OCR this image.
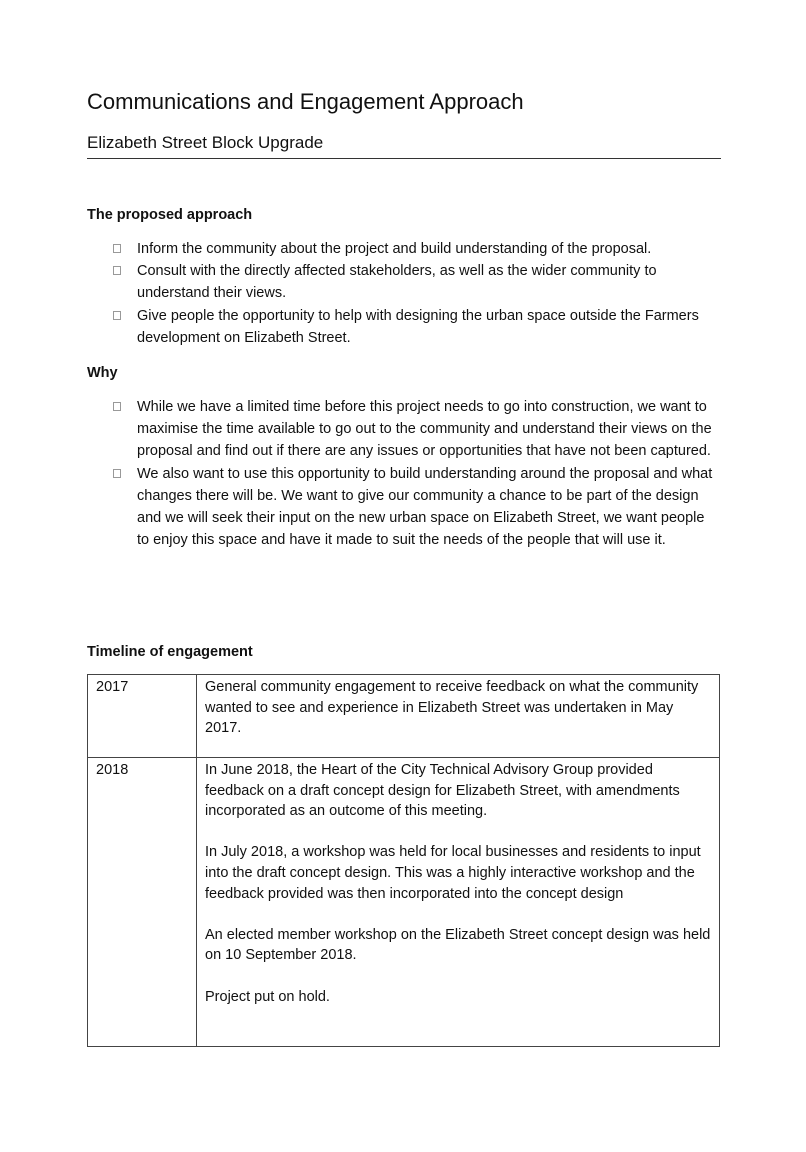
Communications and Engagement Approach
Elizabeth Street Block Upgrade
The proposed approach
Inform the community about the project and build understanding of the proposal.
Consult with the directly affected stakeholders, as well as the wider community to understand their views.
Give people the opportunity to help with designing the urban space outside the Farmers development on Elizabeth Street.
Why
While we have a limited time before this project needs to go into construction, we want to maximise the time available to go out to the community and understand their views on the proposal and find out if there are any issues or opportunities that have not been captured.
We also want to use this opportunity to build understanding around the proposal and what changes there will be. We want to give our community a chance to be part of the design and we will seek their input on the new urban space on Elizabeth Street, we want people to enjoy this space and have it made to suit the needs of the people that will use it.
Timeline of engagement
2017	General community engagement to receive feedback on what the community wanted to see and experience in Elizabeth Street was undertaken in May 2017.

2018	In June 2018, the Heart of the City Technical Advisory Group provided feedback on a draft concept design for Elizabeth Street, with amendments incorporated as an outcome of this meeting.

In July 2018, a workshop was held for local businesses and residents to input into the draft concept design. This was a highly interactive workshop and the feedback provided was then incorporated into the concept design

An elected member workshop on the Elizabeth Street concept design was held on 10 September 2018.

Project put on hold.
